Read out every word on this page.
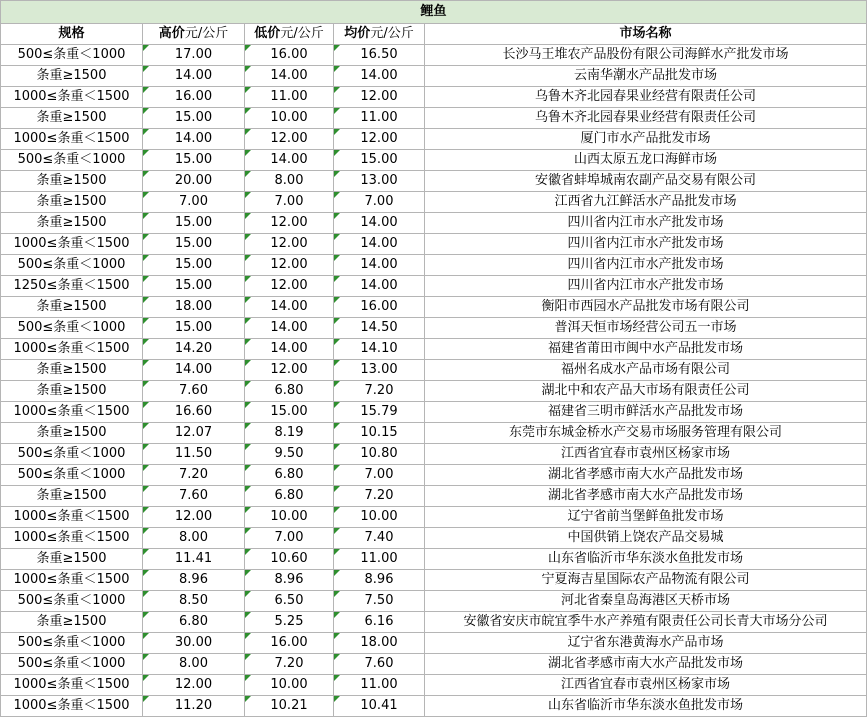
鲤鱼				
规格	高价元/公斤	低价元/公斤	均价元/公斤	市场名称
500≤条重＜1000	17.00	16.00	16.50	长沙马王堆农产品股份有限公司海鲜水产批发市场
条重≥1500	14.00	14.00	14.00	云南华潮水产品批发市场
1000≤条重＜1500	16.00	11.00	12.00	乌鲁木齐北园春果业经营有限责任公司
条重≥1500	15.00	10.00	11.00	乌鲁木齐北园春果业经营有限责任公司
1000≤条重＜1500	14.00	12.00	12.00	厦门市水产品批发市场
500≤条重＜1000	15.00	14.00	15.00	山西太原五龙口海鲜市场
条重≥1500	20.00	8.00	13.00	安徽省蚌埠城南农副产品交易有限公司
条重≥1500	7.00	7.00	7.00	江西省九江鲜活水产品批发市场
条重≥1500	15.00	12.00	14.00	四川省内江市水产批发市场
1000≤条重＜1500	15.00	12.00	14.00	四川省内江市水产批发市场
500≤条重＜1000	15.00	12.00	14.00	四川省内江市水产批发市场
1250≤条重＜1500	15.00	12.00	14.00	四川省内江市水产批发市场
条重≥1500	18.00	14.00	16.00	衡阳市西园水产品批发市场有限公司
500≤条重＜1000	15.00	14.00	14.50	普洱天恒市场经营公司五一市场
1000≤条重＜1500	14.20	14.00	14.10	福建省莆田市闽中水产品批发市场
条重≥1500	14.00	12.00	13.00	福州名成水产品市场有限公司
条重≥1500	7.60	6.80	7.20	湖北中和农产品大市场有限责任公司
1000≤条重＜1500	16.60	15.00	15.79	福建省三明市鲜活水产品批发市场
条重≥1500	12.07	8.19	10.15	东莞市东城金桥水产交易市场服务管理有限公司
500≤条重＜1000	11.50	9.50	10.80	江西省宜春市袁州区杨家市场
500≤条重＜1000	7.20	6.80	7.00	湖北省孝感市南大水产品批发市场
条重≥1500	7.60	6.80	7.20	湖北省孝感市南大水产品批发市场
1000≤条重＜1500	12.00	10.00	10.00	辽宁省前当堡鲜鱼批发市场
1000≤条重＜1500	8.00	7.00	7.40	中国供销上饶农产品交易城
条重≥1500	11.41	10.60	11.00	山东省临沂市华东淡水鱼批发市场
1000≤条重＜1500	8.96	8.96	8.96	宁夏海吉星国际农产品物流有限公司
500≤条重＜1000	8.50	6.50	7.50	河北省秦皇岛海港区天桥市场
条重≥1500	6.80	5.25	6.16	安徽省安庆市皖宜季牛水产养殖有限责任公司长青大市场分公司
500≤条重＜1000	30.00	16.00	18.00	辽宁省东港黄海水产品市场
500≤条重＜1000	8.00	7.20	7.60	湖北省孝感市南大水产品批发市场
1000≤条重＜1500	12.00	10.00	11.00	江西省宜春市袁州区杨家市场
1000≤条重＜1500	11.20	10.21	10.41	山东省临沂市华东淡水鱼批发市场
